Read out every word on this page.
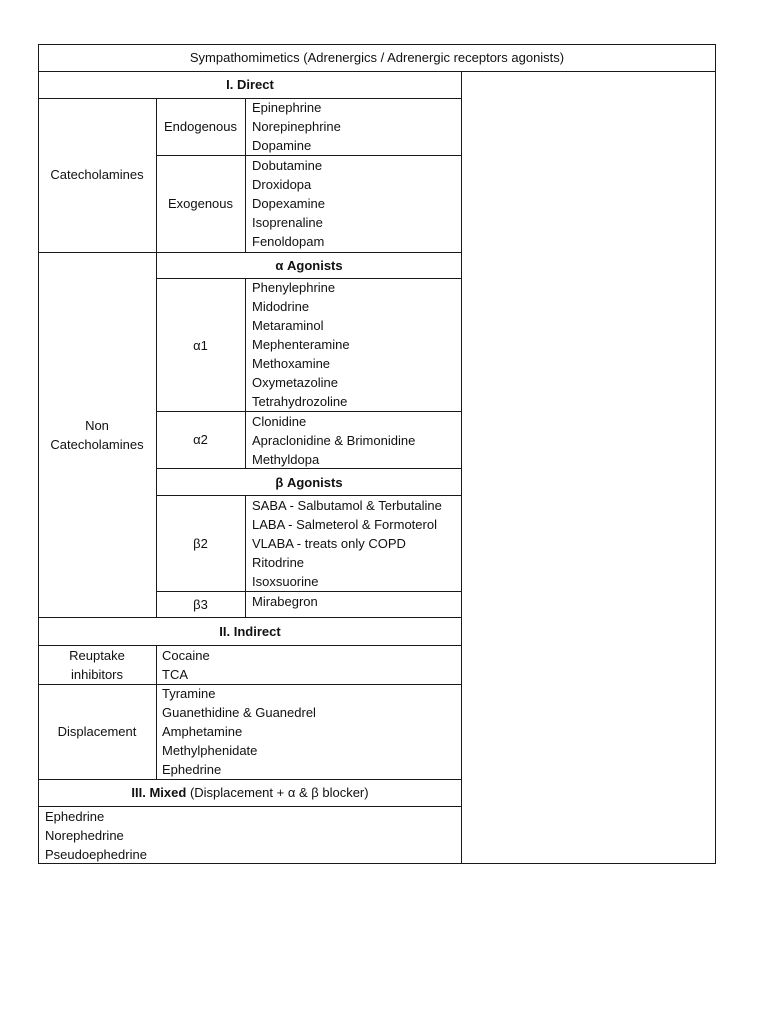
Sympathomimetics (Adrenergics / Adrenergic receptors agonists)
I. Direct
Catecholamines
Endogenous
Epinephrine
Norepinephrine
Dopamine
Exogenous
Dobutamine
Droxidopa
Dopexamine
Isoprenaline
Fenoldopam
Non
Catecholamines
α Agonists
α1
Phenylephrine
Midodrine
Metaraminol
Mephenteramine
Methoxamine
Oxymetazoline
Tetrahydrozoline
α2
Clonidine
Apraclonidine & Brimonidine
Methyldopa
β Agonists
β2
SABA - Salbutamol & Terbutaline
LABA - Salmeterol & Formoterol
VLABA - treats only COPD
Ritodrine
Isoxsuorine
β3	Mirabegron
II. Indirect
Reuptake
inhibitors
Cocaine
TCA
Displacement
Tyramine
Guanethidine & Guanedrel
Amphetamine
Methylphenidate
Ephedrine
III. Mixed (Displacement + α & β blocker)
Ephedrine
Norephedrine
Pseudoephedrine
